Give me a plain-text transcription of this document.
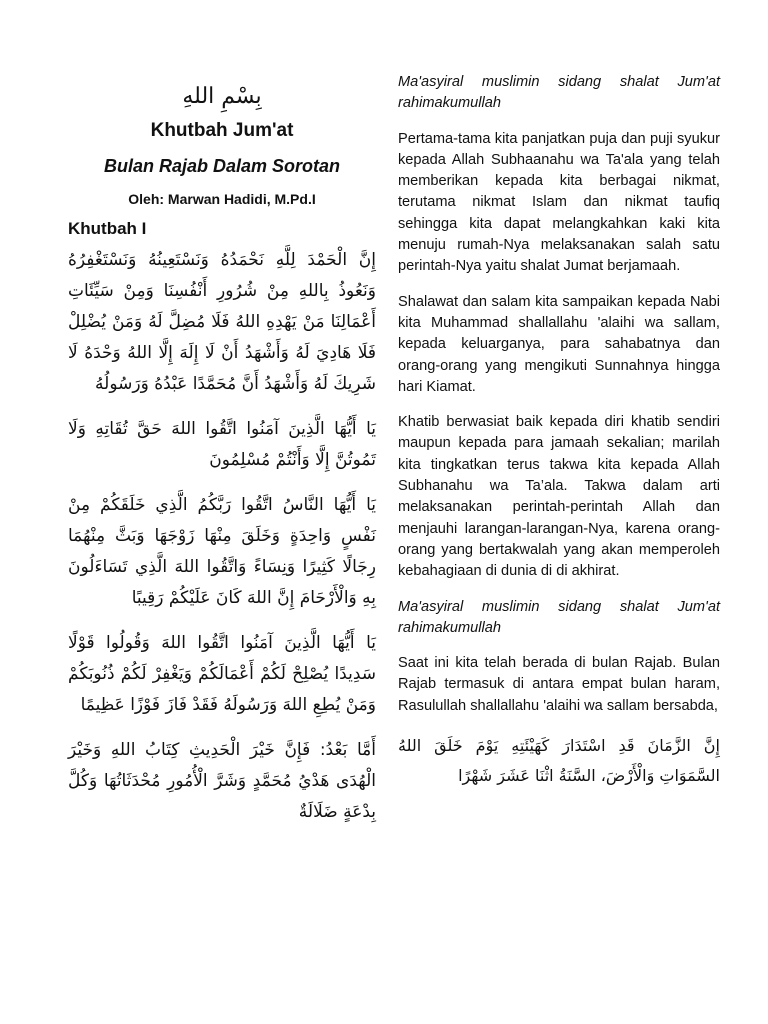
بِسْمِ اللهِ
Khutbah Jum'at
Bulan Rajab Dalam Sorotan
Oleh: Marwan Hadidi, M.Pd.I
Khutbah I

إِنَّ الْحَمْدَ لِلَّهِ نَحْمَدُهُ وَنَسْتَعِينُهُ وَنَسْتَغْفِرُهُ وَنَعُوذُ بِاللهِ مِنْ شُرُورِ أَنْفُسِنَا وَمِنْ سَيِّئَاتِ أَعْمَالِنَا مَنْ يَهْدِهِ اللهُ فَلَا مُضِلَّ لَهُ وَمَنْ يُضْلِلْ فَلَا هَادِيَ لَهُ وَأَشْهَدُ أَنْ لَا إِلَهَ إِلَّا اللهُ وَحْدَهُ لَا شَرِيكَ لَهُ وَأَشْهَدُ أَنَّ مُحَمَّدًا عَبْدُهُ وَرَسُولُهُ

يَا أَيُّهَا الَّذِينَ آمَنُوا اتَّقُوا اللهَ حَقَّ تُقَاتِهِ وَلَا تَمُوتُنَّ إِلَّا وَأَنْتُمْ مُسْلِمُونَ

يَا أَيُّهَا النَّاسُ اتَّقُوا رَبَّكُمُ الَّذِي خَلَقَكُمْ مِنْ نَفْسٍ وَاحِدَةٍ وَخَلَقَ مِنْهَا زَوْجَهَا وَبَثَّ مِنْهُمَا رِجَالًا كَثِيرًا وَنِسَاءً وَاتَّقُوا اللهَ الَّذِي تَسَاءَلُونَ بِهِ وَالْأَرْحَامَ إِنَّ اللهَ كَانَ عَلَيْكُمْ رَقِيبًا

يَا أَيُّهَا الَّذِينَ آمَنُوا اتَّقُوا اللهَ وَقُولُوا قَوْلًا سَدِيدًا يُصْلِحْ لَكُمْ أَعْمَالَكُمْ وَيَغْفِرْ لَكُمْ ذُنُوبَكُمْ وَمَنْ يُطِعِ اللهَ وَرَسُولَهُ فَقَدْ فَازَ فَوْزًا عَظِيمًا

أَمَّا بَعْدُ: فَإِنَّ خَيْرَ الْحَدِيثِ كِتَابُ اللهِ وَخَيْرَ الْهُدَى هَدْيُ مُحَمَّدٍ وَشَرَّ الْأُمُورِ مُحْدَثَاتُهَا وَكُلَّ بِدْعَةٍ ضَلَالَةٌ

Ma'asyiral muslimin sidang shalat Jum'at rahimakumullah

Pertama-tama kita panjatkan puja dan puji syukur kepada Allah Subhaanahu wa Ta'ala yang telah memberikan kepada kita berbagai nikmat, terutama nikmat Islam dan nikmat taufiq sehingga kita dapat melangkahkan kaki kita menuju rumah-Nya melaksanakan salah satu perintah-Nya yaitu shalat Jumat berjamaah.

Shalawat dan salam kita sampaikan kepada Nabi kita Muhammad shallallahu 'alaihi wa sallam, kepada keluarganya, para sahabatnya dan orang-orang yang mengikuti Sunnahnya hingga hari Kiamat.

Khatib berwasiat baik kepada diri khatib sendiri maupun kepada para jamaah sekalian; marilah kita tingkatkan terus takwa kita kepada Allah Subhanahu wa Ta’ala. Takwa dalam arti melaksanakan perintah-perintah Allah dan menjauhi larangan-larangan-Nya, karena orang-orang yang bertakwalah yang akan memperoleh kebahagiaan di dunia di di akhirat.

Ma'asyiral muslimin sidang shalat Jum'at rahimakumullah

Saat ini kita telah berada di bulan Rajab. Bulan Rajab termasuk di antara empat bulan haram, Rasulullah shallallahu 'alaihi wa sallam bersabda,

إِنَّ الزَّمَانَ قَدِ اسْتَدَارَ كَهَيْئَتِهِ يَوْمَ خَلَقَ اللهُ السَّمَوَاتِ وَالْأَرْضَ، السَّنَةُ اثْنَا عَشَرَ شَهْرًا
